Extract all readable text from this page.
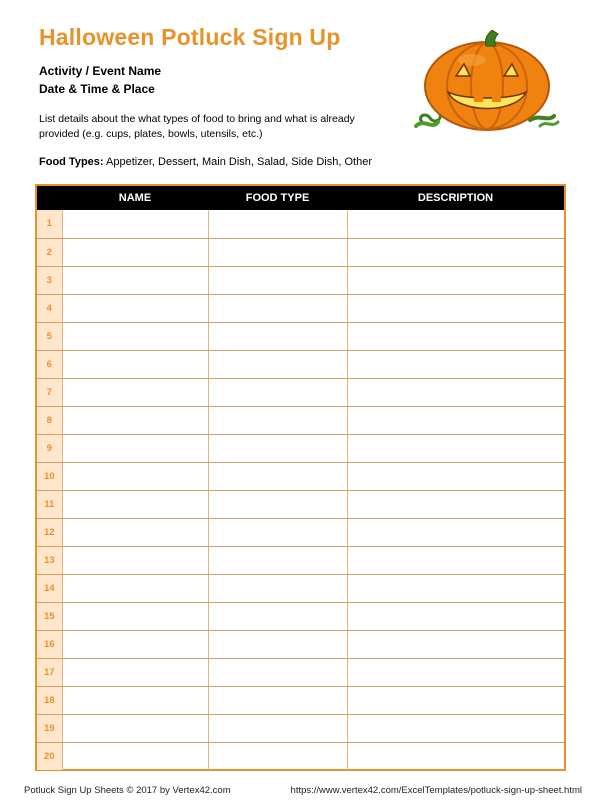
Halloween Potluck Sign Up
Activity / Event Name
Date & Time & Place
List details about the what types of food to bring and what is already provided (e.g. cups, plates, bowls, utensils, etc.)
Food Types: Appetizer, Dessert, Main Dish, Salad, Side Dish, Other
	NAME	FOOD TYPE	DESCRIPTION
1			
2			
3			
4			
5			
6			
7			
8			
9			
10			
11			
12			
13			
14			
15			
16			
17			
18			
19			
20			
Potluck Sign Up Sheets © 2017 by Vertex42.com	https://www.vertex42.com/ExcelTemplates/potluck-sign-up-sheet.html
